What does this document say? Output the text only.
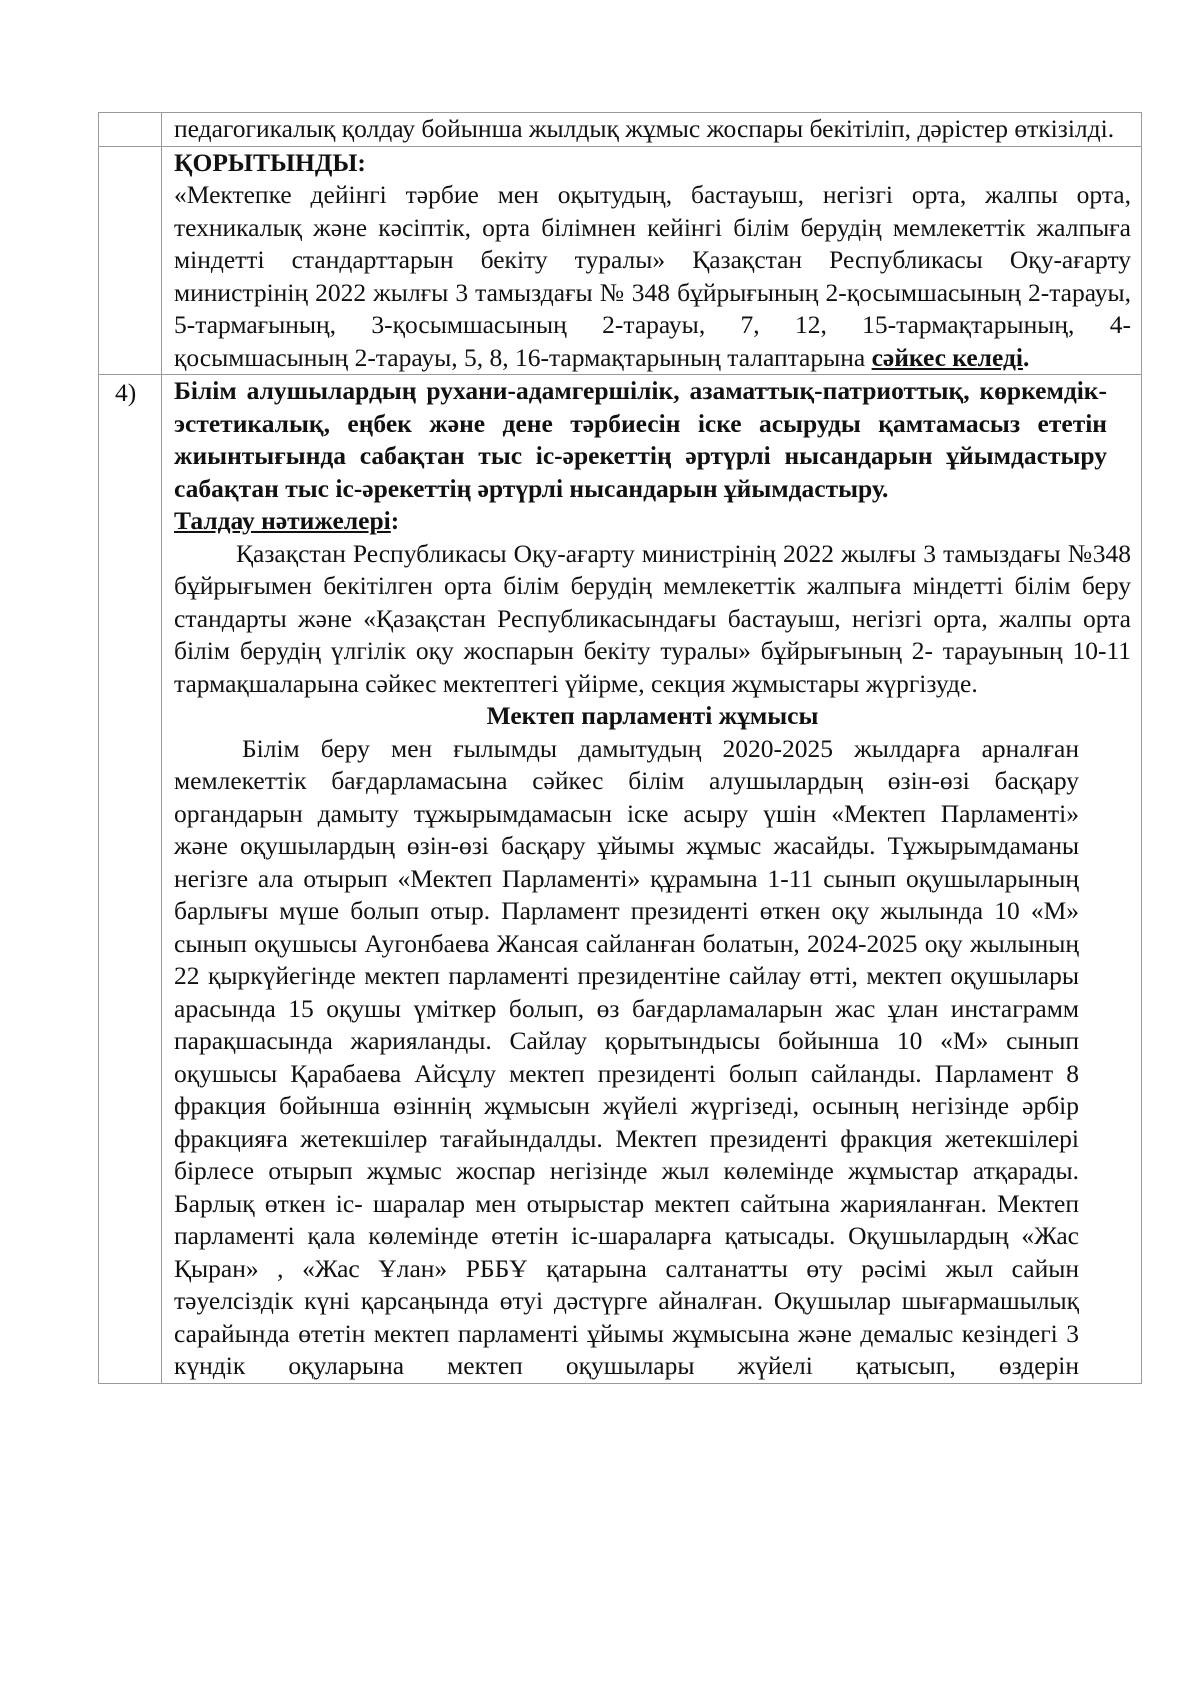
	педагогикалық қолдау бойынша жылдық жұмыс жоспары бекітіліп, дәрістер өткізілді.

	ҚОРЫТЫНДЫ:

«Мектепке дейінгі тәрбие мен оқытудың, бастауыш, негізгі орта, жалпы орта, техникалық және кәсіптік, орта білімнен кейінгі білім берудің мемлекеттік жалпыға міндетті стандарттарын бекіту туралы» Қазақстан Республикасы Оқу-ағарту министрінің 2022 жылғы 3 тамыздағы № 348 бұйрығының 2-қосымшасының 2-тарауы, 5-тармағының, 3-қосымшасының 2-тарауы, 7, 12, 15-тармақтарының, 4-қосымшасының 2-тарауы, 5, 8, 16-тармақтарының талаптарына сәйкес келеді.

4)	Білім алушылардың рухани-адамгершілік, азаматтық-патриоттық, көркемдік-эстетикалық, еңбек және дене тәрбиесін іске асыруды қамтамасыз ететін жиынтығында сабақтан тыс іс-әрекеттің әртүрлі нысандарын ұйымдастыру сабақтан тыс іс-әрекеттің әртүрлі нысандарын ұйымдастыру.

Талдау нәтижелері:

Қазақстан Республикасы Оқу-ағарту министрінің 2022 жылғы 3 тамыздағы №348 бұйрығымен бекітілген орта білім берудің мемлекеттік жалпыға міндетті білім беру стандарты және «Қазақстан Республикасындағы бастауыш, негізгі орта, жалпы орта білім берудің үлгілік оқу жоспарын бекіту туралы» бұйрығының 2- тарауының 10-11 тармақшаларына сәйкес мектептегі үйірме, секция жұмыстары жүргізуде.

Мектеп парламенті жұмысы

Білім беру мен ғылымды дамытудың 2020-2025 жылдарға арналған мемлекеттік бағдарламасына сәйкес білім алушылардың өзін-өзі басқару органдарын дамыту тұжырымдамасын іске асыру үшін «Мектеп Парламенті» және оқушылардың өзін-өзі басқару ұйымы жұмыс жасайды. Тұжырымдаманы негізге ала отырып «Мектеп Парламенті» құрамына 1-11 сынып оқушыларының барлығы мүше болып отыр. Парламент президенті өткен оқу жылында 10 «М» сынып оқушысы Аугонбаева Жансая сайланған болатын, 2024-2025 оқу жылының 22 қыркүйегінде мектеп парламенті президентіне сайлау өтті, мектеп оқушылары арасында 15 оқушы үміткер болып, өз бағдарламаларын жас ұлан инстаграмм парақшасында жарияланды. Сайлау қорытындысы бойынша 10 «М» сынып оқушысы Қарабаева Айсұлу мектеп президенті болып сайланды. Парламент 8 фракция бойынша өзіннің жұмысын жүйелі жүргізеді, осының негізінде әрбір фракцияға жетекшілер тағайындалды. Мектеп президенті фракция жетекшілері бірлесе отырып жұмыс жоспар негізінде жыл көлемінде жұмыстар атқарады. Барлық өткен іс- шаралар мен отырыстар мектеп сайтына жарияланған. Мектеп парламенті қала көлемінде өтетін іс-шараларға қатысады. Оқушылардың «Жас Қыран» , «Жас Ұлан» РББҰ қатарына салтанатты өту рәсімі жыл сайын тәуелсіздік күні қарсаңында өтуі дәстүрге айналған. Оқушылар шығармашылық сарайында өтетін мектеп парламенті ұйымы жұмысына және демалыс кезіндегі 3 күндік оқуларына мектеп оқушылары жүйелі қатысып, өздерін
